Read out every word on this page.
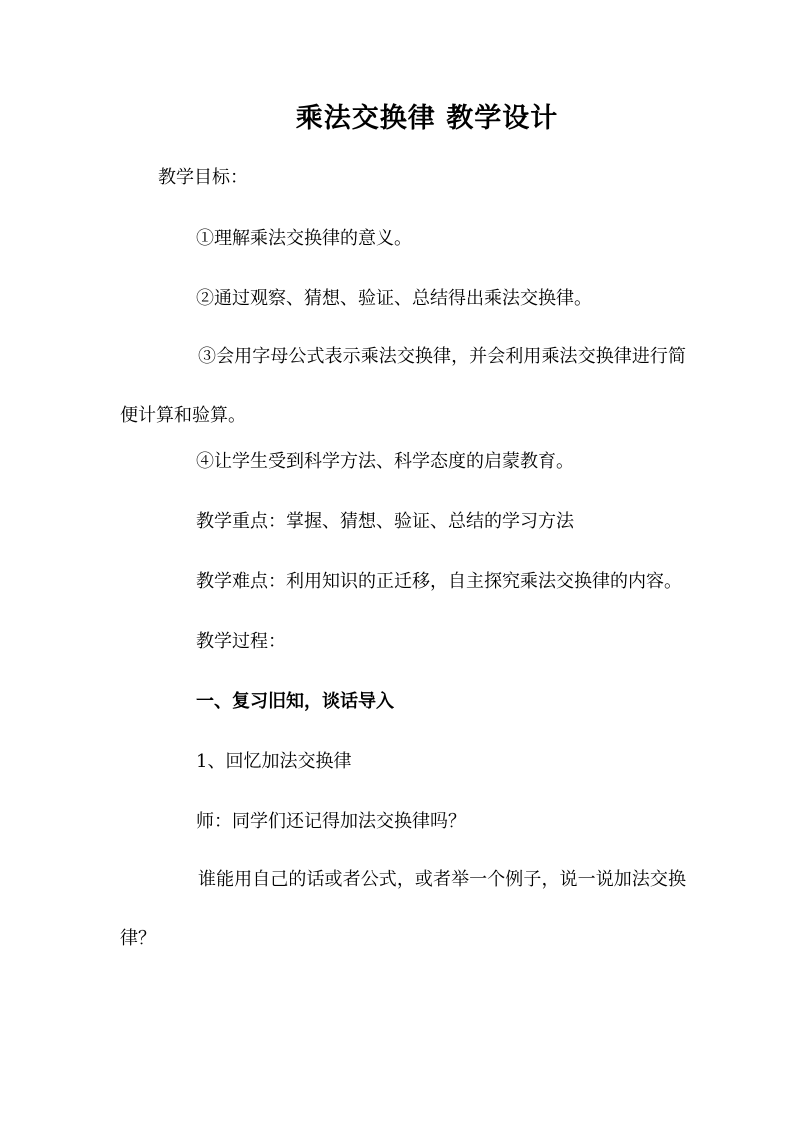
乘法交换律 教学设计
教学目标：
①理解乘法交换律的意义。
②通过观察、猜想、验证、总结得出乘法交换律。
③会用字母公式表示乘法交换律，并会利用乘法交换律进行简便计算和验算。
④让学生受到科学方法、科学态度的启蒙教育。
教学重点：掌握、猜想、验证、总结的学习方法
教学难点：利用知识的正迁移，自主探究乘法交换律的内容。
教学过程：
一、复习旧知，谈话导入
1、回忆加法交换律
师：同学们还记得加法交换律吗？
谁能用自己的话或者公式，或者举一个例子，说一说加法交换律？
